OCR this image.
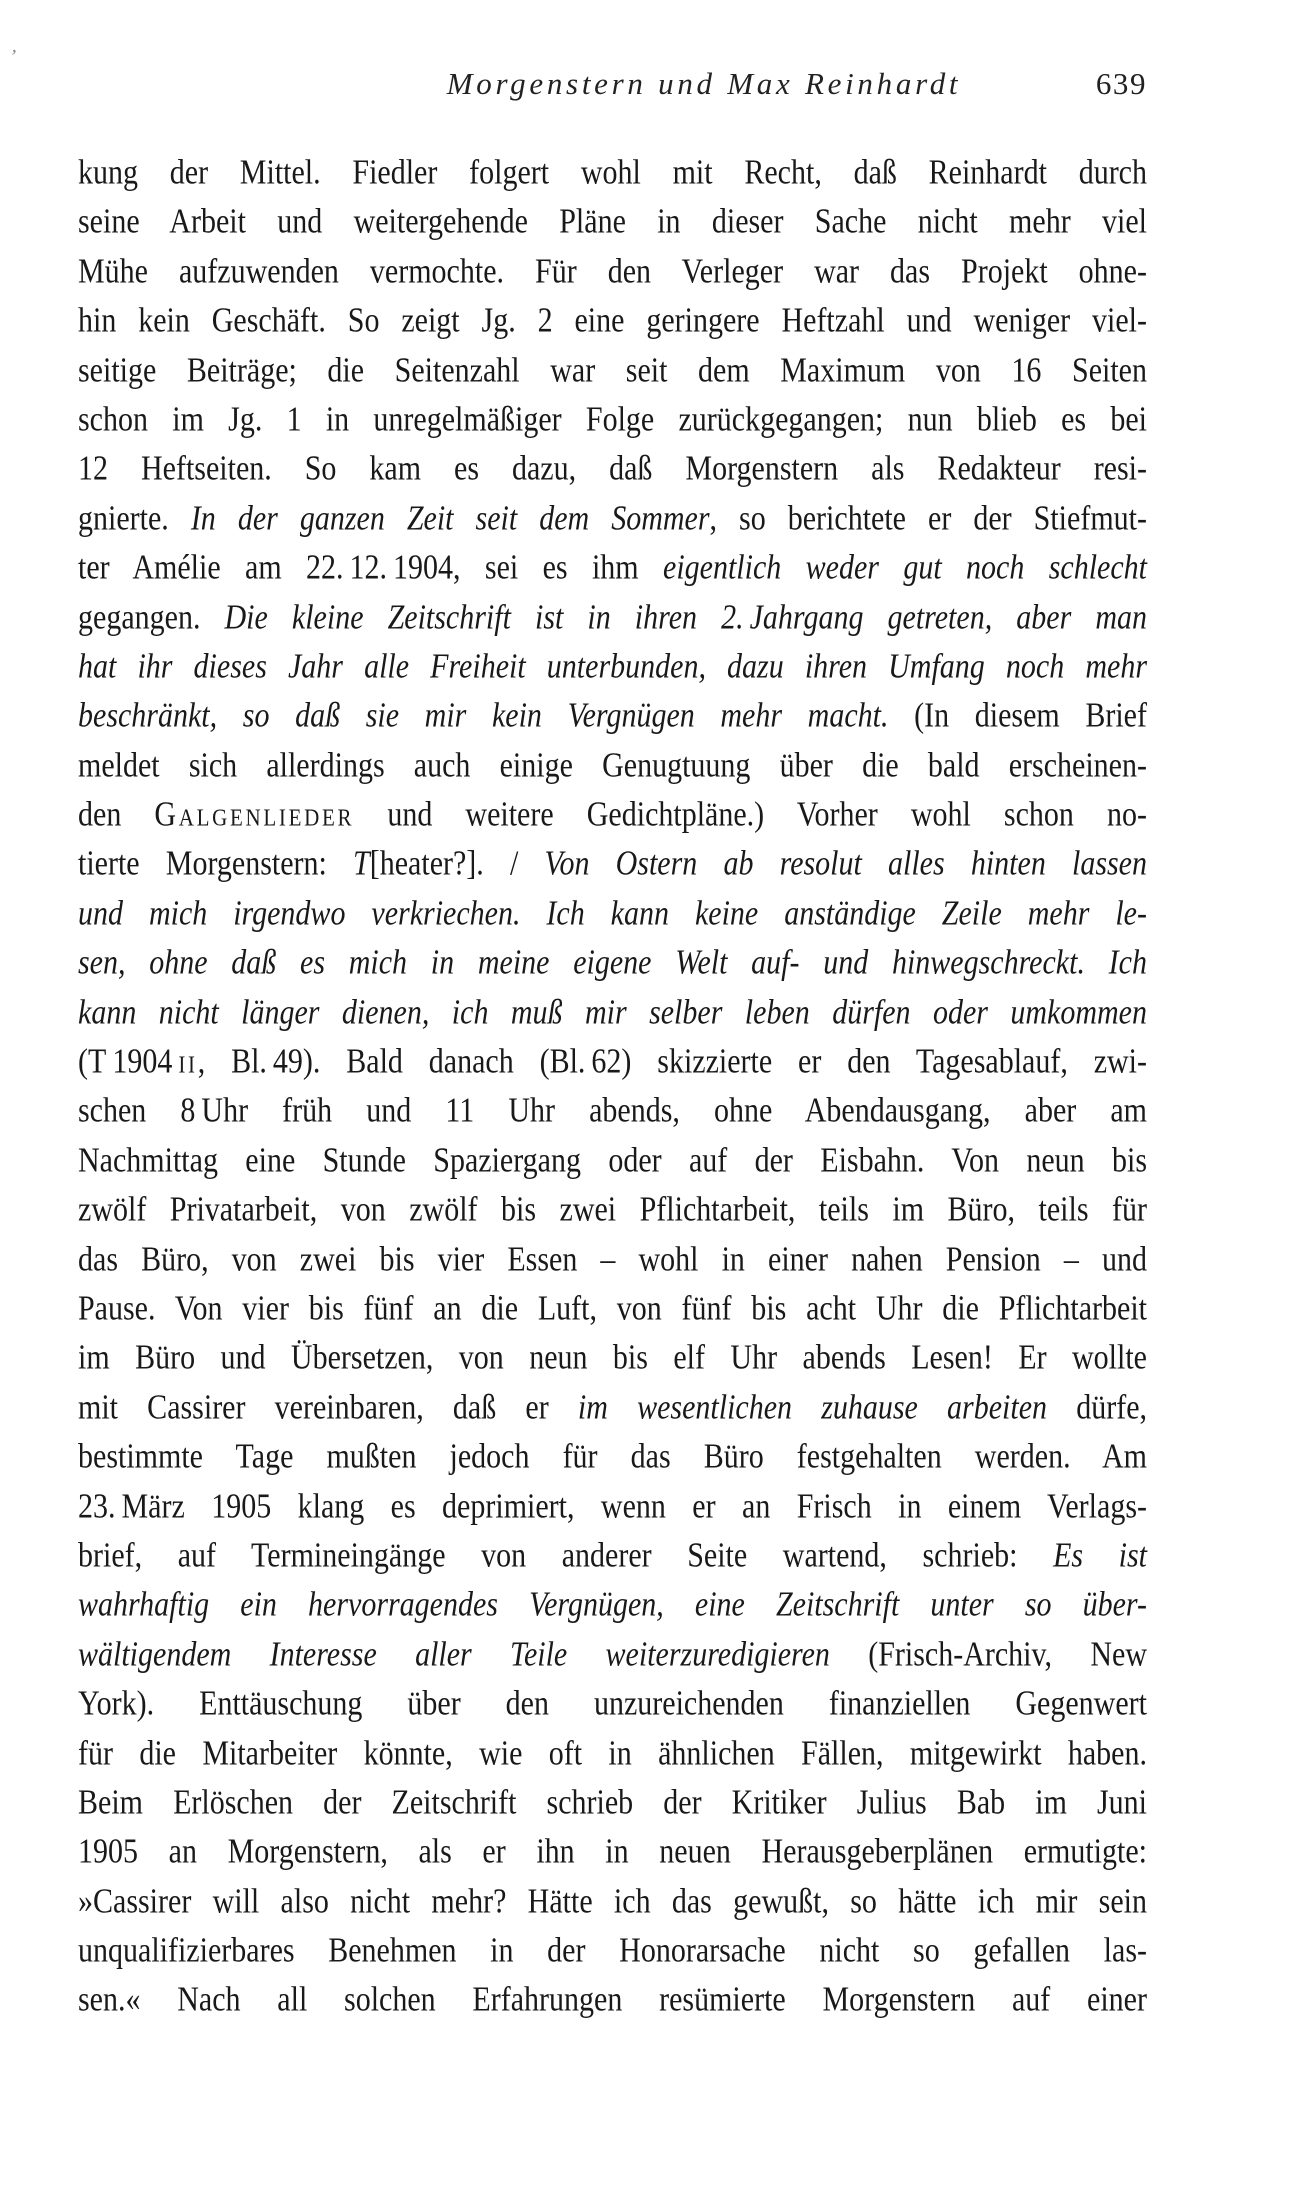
’
Morgenstern und Max Reinhardt	639
kung der Mittel. Fiedler folgert wohl mit Recht, daß Reinhardt durch
seine Arbeit und weitergehende Pläne in dieser Sache nicht mehr viel
Mühe aufzuwenden vermochte. Für den Verleger war das Projekt ohne-
hin kein Geschäft. So zeigt Jg. 2 eine geringere Heftzahl und weniger viel-
seitige Beiträge; die Seitenzahl war seit dem Maximum von 16 Seiten
schon im Jg. 1 in unregelmäßiger Folge zurückgegangen; nun blieb es bei
12 Heftseiten. So kam es dazu, daß Morgenstern als Redakteur resi-
gnierte. In der ganzen Zeit seit dem Sommer, so berichtete er der Stiefmut-
ter Amélie am 22. 12. 1904, sei es ihm eigentlich weder gut noch schlecht
gegangen. Die kleine Zeitschrift ist in ihren 2. Jahrgang getreten, aber man
hat ihr dieses Jahr alle Freiheit unterbunden, dazu ihren Umfang noch mehr
beschränkt, so daß sie mir kein Vergnügen mehr macht. (In diesem Brief
meldet sich allerdings auch einige Genugtuung über die bald erscheinen-
den Galgenlieder und weitere Gedichtpläne.) Vorher wohl schon no-
tierte Morgenstern: T[heater?]. / Von Ostern ab resolut alles hinten lassen
und mich irgendwo verkriechen. Ich kann keine anständige Zeile mehr le-
sen, ohne daß es mich in meine eigene Welt auf- und hinwegschreckt. Ich
kann nicht länger dienen, ich muß mir selber leben dürfen oder umkommen
(T 1904 ii, Bl. 49). Bald danach (Bl. 62) skizzierte er den Tagesablauf, zwi-
schen 8 Uhr früh und 11 Uhr abends, ohne Abendausgang, aber am
Nachmittag eine Stunde Spaziergang oder auf der Eisbahn. Von neun bis
zwölf Privatarbeit, von zwölf bis zwei Pflichtarbeit, teils im Büro, teils für
das Büro, von zwei bis vier Essen – wohl in einer nahen Pension – und
Pause. Von vier bis fünf an die Luft, von fünf bis acht Uhr die Pflichtarbeit
im Büro und Übersetzen, von neun bis elf Uhr abends Lesen! Er wollte
mit Cassirer vereinbaren, daß er im wesentlichen zuhause arbeiten dürfe,
bestimmte Tage mußten jedoch für das Büro festgehalten werden. Am
23. März 1905 klang es deprimiert, wenn er an Frisch in einem Verlags-
brief, auf Termineingänge von anderer Seite wartend, schrieb: Es ist
wahrhaftig ein hervorragendes Vergnügen, eine Zeitschrift unter so über-
wältigendem Interesse aller Teile weiterzuredigieren (Frisch-Archiv, New
York). Enttäuschung über den unzureichenden finanziellen Gegenwert
für die Mitarbeiter könnte, wie oft in ähnlichen Fällen, mitgewirkt haben.
Beim Erlöschen der Zeitschrift schrieb der Kritiker Julius Bab im Juni
1905 an Morgenstern, als er ihn in neuen Herausgeberplänen ermutigte:
»Cassirer will also nicht mehr? Hätte ich das gewußt, so hätte ich mir sein
unqualifizierbares Benehmen in der Honorarsache nicht so gefallen las-
sen.« Nach all solchen Erfahrungen resümierte Morgenstern auf einer
